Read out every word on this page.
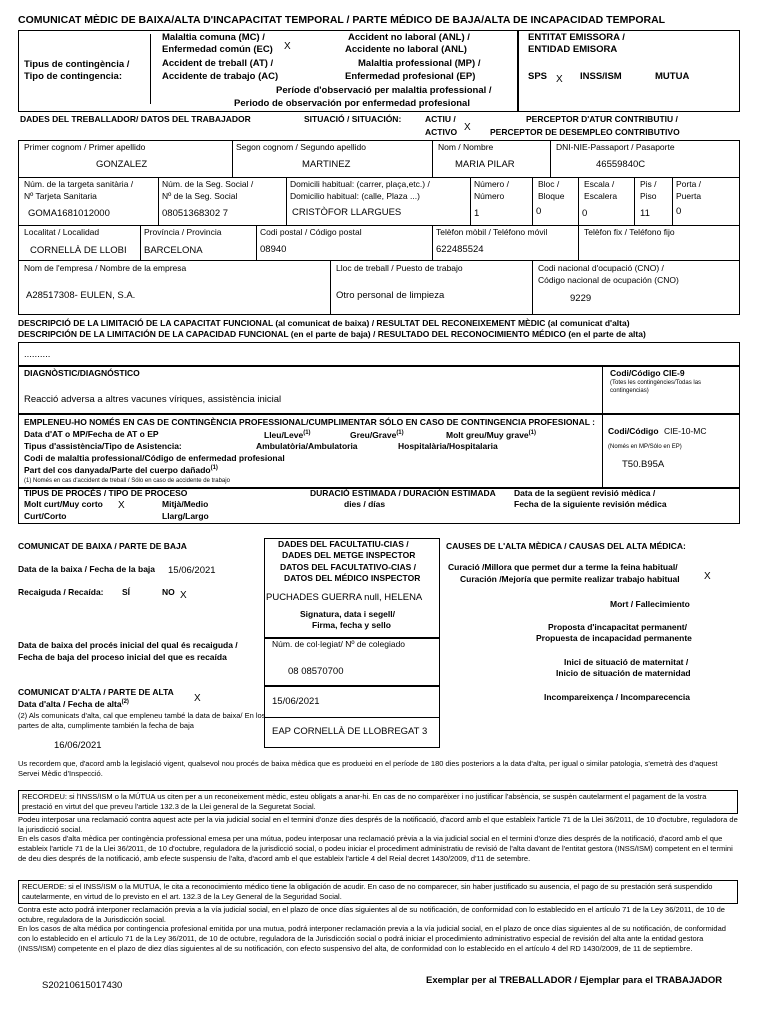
COMUNICAT MÈDIC DE BAIXA/ALTA D'INCAPACITAT TEMPORAL / PARTE MÉDICO DE BAJA/ALTA DE INCAPACIDAD TEMPORAL
Tipus de contingència /
Tipo de contingencia:
Malaltia comuna (MC) /
Enfermedad común (EC) X
Accident no laboral (ANL) /
Accidente no laboral (ANL)
Accident de treball (AT) /
Accidente de trabajo (AC)
Malaltia professional (MP) /
Enfermedad profesional (EP)
Període d'observació per malaltia professional /
Periodo de observación por enfermedad profesional
ENTITAT EMISSORA /
ENTIDAD EMISORA
SPS X INSS/ISM	MUTUA
DADES DEL TREBALLADOR/ DATOS DEL TRABAJADOR	SITUACIÓ / SITUACIÓN:	ACTIU /
ACTIVO X
PERCEPTOR D'ATUR CONTRIBUTIU /
PERCEPTOR DE DESEMPLEO CONTRIBUTIVO
Primer cognom / Primer apellido
GONZALEZ
Segon cognom / Segundo apellido
MARTINEZ
Nom / Nombre
MARIA PILAR
DNI-NIE-Passaport / Pasaporte
46559840C
Núm. de la targeta sanitària /
Nº Tarjeta Sanitaria
GOMA1681012000
Núm. de la Seg. Social /
Nº de la Seg. Social
08051368302 7
Domicili habitual: (carrer, plaça,etc.) /
Domicilio habitual: (calle, Plaza ...)
CRISTÒFOR LLARGUES
Número /
Número
1
Bloc /
Bloque
0
Escala /
Escalera
0
Pis /
Piso
11
Porta /
Puerta
0
Localitat / Localidad
CORNELLÀ DE LLOBI
Província / Provincia
BARCELONA
Codi postal / Código postal
08940
Telèfon mòbil / Teléfono móvil
622485524
Telèfon fix / Teléfono fijo
Nom de l'empresa / Nombre de la empresa
A28517308- EULEN, S.A.
Lloc de treball / Puesto de trabajo
Otro personal de limpieza
Codi nacional d'ocupació (CNO) /
Código nacional de ocupación (CNO)
9229
DESCRIPCIÓ DE LA LIMITACIÓ DE LA CAPACITAT FUNCIONAL (al comunicat de baixa) / RESULTAT DEL RECONEIXEMENT MÈDIC (al comunicat d'alta)
DESCRIPCIÓN DE LA LIMITACIÓN DE LA CAPACIDAD FUNCIONAL (en el parte de baja) / RESULTADO DEL RECONOCIMIENTO MÉDICO (en el parte de alta)
..........
DIAGNÒSTIC/DIAGNÓSTICO
Reacció adversa a altres vacunes víriques, assistència inicial
Codi/Código CIE-9
(Totes les contingències/Todas las contingencias)
EMPLENEU-HO NOMÉS EN CAS DE CONTINGÈNCIA PROFESSIONAL/CUMPLIMENTAR SÓLO EN CASO DE CONTINGENCIA PROFESIONAL :
Data d'AT o MP/Fecha de AT o EP	Lleu/Leve$^{(1)}$	Greu/Grave$^{(1)}$	Molt greu/Muy grave$^{(1)}$
Tipus d'assistència/Tipo de Asistencia:	Ambulatòria/Ambulatoria	Hospitalària/Hospitalaria
Codi de malaltia professional/Código de enfermedad profesional
Part del cos danyada/Parte del cuerpo dañado$^{(1)}$
(1) Només en cas d'accident de treball / Sólo en caso de accidente de trabajo
Codi/Código CIE-10-MC
(Només en MP/Sólo en EP)
T50.B95A
TIPUS DE PROCÉS / TIPO DE PROCESO
Molt curt/Muy corto X	Mitjà/Medio
Curt/Corto	Llarg/Largo
DURACIÓ ESTIMADA / DURACIÓN ESTIMADA
dies / días
Data de la següent revisió mèdica /
Fecha de la siguiente revisión médica
COMUNICAT DE BAIXA / PARTE DE BAJA
Data de la baixa / Fecha de la baja 15/06/2021
Recaiguda / Recaída: SÍ	NO X
Data de baixa del procés inicial del qual és recaiguda /
Fecha de baja del proceso inicial del que es recaída
COMUNICAT D'ALTA / PARTE DE ALTA
Data d'alta / Fecha de alta$^{(2)}$	X
(2) Als comunicats d'alta, cal que empleneu també la data de baixa/ En los partes de alta, cumplimente también la fecha de baja
16/06/2021
DADES DEL FACULTATIU-CIAS /
DADES DEL METGE INSPECTOR
DATOS DEL FACULTATIVO-CIAS /
DATOS DEL MÉDICO INSPECTOR
PUCHADES GUERRA null, HELENA
Signatura, data i segell/
Firma, fecha y sello
Núm. de col·legiat/ Nº de colegiado
08 08570700
15/06/2021
EAP CORNELLÀ DE LLOBREGAT 3
CAUSES DE L'ALTA MÈDICA / CAUSAS DEL ALTA MÉDICA:
Curació /Millora que permet dur a terme la feina habitual/
Curación /Mejoría que permite realizar trabajo habitual X
Mort / Fallecimiento
Proposta d'incapacitat permanent/
Propuesta de incapacidad permanente
Inici de situació de maternitat /
Inicio de situación de maternidad
Incompareixença / Incomparecencia
Us recordem que, d'acord amb la legislació vigent, qualsevol nou procés de baixa mèdica que es produeixi en el període de 180 dies posteriors a la data d'alta, per igual o similar patologia, s'emetrà des d'aquest Servei Mèdic d'Inspecció.
RECORDEU: si l'INSS/ISM o la MÚTUA us citen per a un reconeixement mèdic, esteu obligats a anar-hi. En cas de no comparèixer i no justificar l'absència, se suspèn cautelarment el pagament de la vostra prestació en virtut del que preveu l'article 132.3 de la Llei general de la Seguretat Social.
Podeu interposar una reclamació contra aquest acte per la via judicial social en el termini d'onze dies després de la notificació, d'acord amb el que estableix l'article 71 de la Llei 36/2011, de 10 d'octubre, reguladora de la jurisdicció social.
En els casos d'alta mèdica per contingència professional emesa per una mútua, podeu interposar una reclamació prèvia a la via judicial social en el termini d'onze dies després de la notificació, d'acord amb el que estableix l'article 71 de la Llei 36/2011, de 10 d'octubre, reguladora de la jurisdicció social, o podeu iniciar el procediment administratiu de revisió de l'alta davant de l'entitat gestora (INSS/ISM) competent en el termini de deu dies després de la notificació, amb efecte suspensiu de l'alta, d'acord amb el que estableix l'article 4 del Reial decret 1430/2009, d'11 de setembre.
RECUERDE: si el INSS/ISM o la MUTUA, le cita a reconocimiento médico tiene la obligación de acudir. En caso de no comparecer, sin haber justificado su ausencia, el pago de su prestación será suspendido cautelarmente, en virtud de lo previsto en el art. 132.3 de la Ley General de la Seguridad Social.
Contra este acto podrá interponer reclamación previa a la vía judicial social, en el plazo de once días siguientes al de su notificación, de conformidad con lo establecido en el artículo 71 de la Ley 36/2011, de 10 de octubre, reguladora de la Jurisdicción social.
En los casos de alta médica por contingencia profesional emitida por una mutua, podrá interponer reclamación previa a la vía judicial social, en el plazo de once días siguientes al de su notificación, de conformidad con lo establecido en el artículo 71 de la Ley 36/2011, de 10 de octubre, reguladora de la Jurisdicción social o podrá iniciar el procedimiento administrativo especial de revisión del alta ante la entidad gestora (INSS/ISM) competente en el plazo de diez días siguientes al de su notificación, con efecto suspensivo del alta, de conformidad con lo establecido en el artículo 4 del RD 1430/2009, de 11 de septiembre.
S20210615017430	Exemplar per al TREBALLADOR / Ejemplar para el TRABAJADOR
